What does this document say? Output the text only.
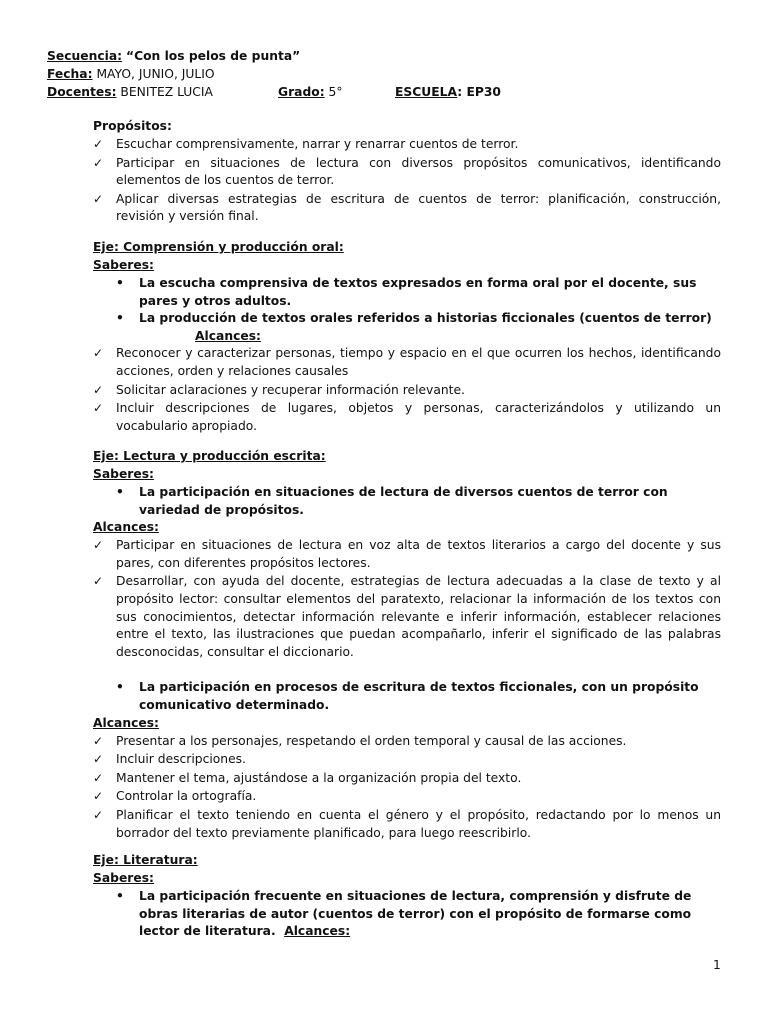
Secuencia: “Con los pelos de punta”
Fecha: MAYO, JUNIO, JULIO
Docentes: BENITEZ LUCIA	Grado: 5°	ESCUELA: EP30
Propósitos:
✓ Escuchar comprensivamente, narrar y renarrar cuentos de terror.
✓ Participar en situaciones de lectura con diversos propósitos comunicativos, identificando elementos de los cuentos de terror.
✓ Aplicar diversas estrategias de escritura de cuentos de terror: planificación, construcción, revisión y versión final.
Eje: Comprensión y producción oral:
Saberes:
• La escucha comprensiva de textos expresados en forma oral por el docente, sus pares y otros adultos.
• La producción de textos orales referidos a historias ficcionales (cuentos de terror)Alcances:
✓ Reconocer y caracterizar personas, tiempo y espacio en el que ocurren los hechos, identificando acciones, orden y relaciones causales
✓ Solicitar aclaraciones y recuperar información relevante.
✓ Incluir descripciones de lugares, objetos y personas, caracterizándolos y utilizando un vocabulario apropiado.
Eje: Lectura y producción escrita:
Saberes:
• La participación en situaciones de lectura de diversos cuentos de terror con variedad de propósitos.
Alcances:
✓ Participar en situaciones de lectura en voz alta de textos literarios a cargo del docente y sus pares, con diferentes propósitos lectores.
✓ Desarrollar, con ayuda del docente, estrategias de lectura adecuadas a la clase de texto y al propósito lector: consultar elementos del paratexto, relacionar la información de los textos con sus conocimientos, detectar información relevante e inferir información, establecer relaciones entre el texto, las ilustraciones que puedan acompañarlo, inferir el significado de las palabras desconocidas, consultar el diccionario.
• La participación en procesos de escritura de textos ficcionales, con un propósito comunicativo determinado.
Alcances:
✓ Presentar a los personajes, respetando el orden temporal y causal de las acciones.
✓ Incluir descripciones.
✓ Mantener el tema, ajustándose a la organización propia del texto.
✓ Controlar la ortografía.
✓ Planificar el texto teniendo en cuenta el género y el propósito, redactando por lo menos un borrador del texto previamente planificado, para luego reescribirlo.
Eje: Literatura:
Saberes:
• La participación frecuente en situaciones de lectura, comprensión y disfrute de obras literarias de autor (cuentos de terror) con el propósito de formarse como lector de literatura. Alcances:
1
